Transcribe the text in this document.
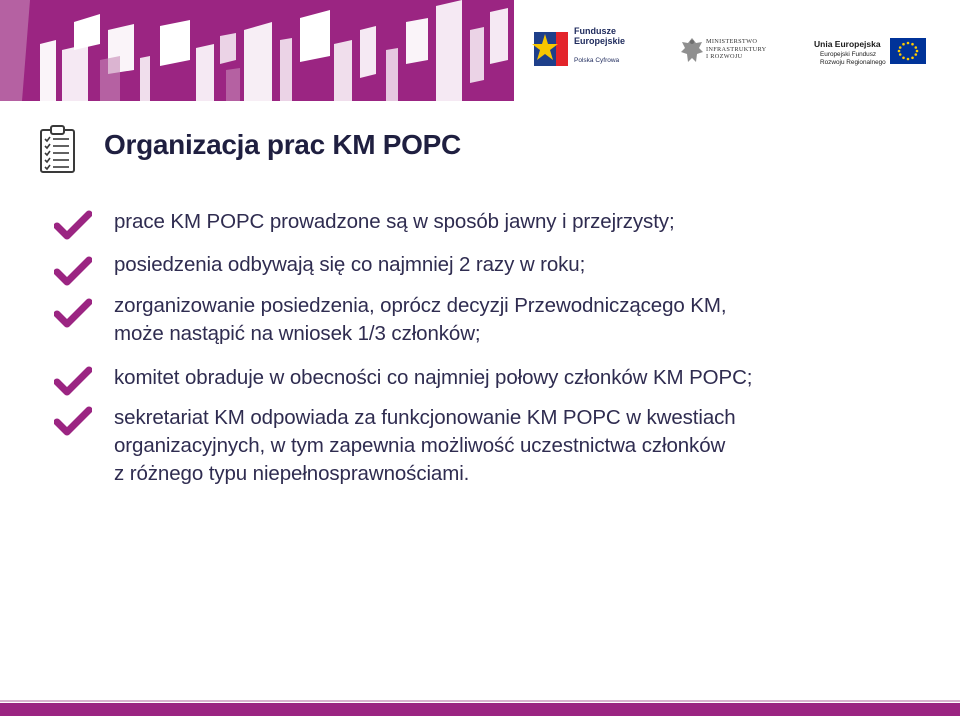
Fundusze
Europejskie
Polska Cyfrowa
MINISTERSTWO
INFRASTRUKTURY
I ROZWOJU
Unia Europejska
Europejski Fundusz
Rozwoju Regionalnego
Organizacja prac KM POPC
prace KM POPC prowadzone są w sposób jawny i przejrzysty;
posiedzenia odbywają się co najmniej 2 razy w roku;
zorganizowanie posiedzenia, oprócz decyzji Przewodniczącego KM,
może nastąpić na wniosek 1/3 członków;
komitet obraduje w obecności co najmniej połowy członków KM POPC;
sekretariat KM odpowiada za funkcjonowanie KM POPC w kwestiach
organizacyjnych, w tym zapewnia możliwość uczestnictwa członków
z różnego typu niepełnosprawnościami.
